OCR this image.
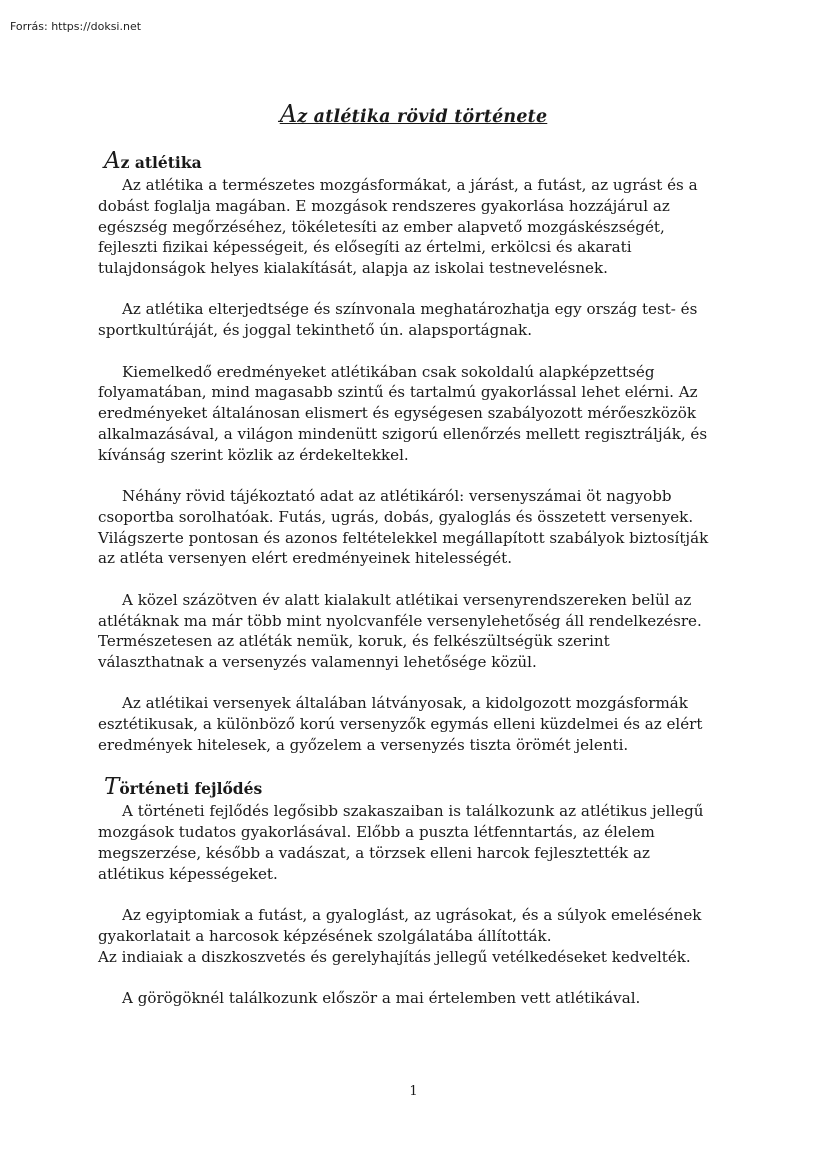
Forrás: https://doksi.net

Az atlétika rövid története
Az atlétika

Az atlétika a természetes mozgásformákat, a járást, a futást, az ugrást és a dobást foglalja magában. E mozgások rendszeres gyakorlása hozzájárul az egészség megőrzéséhez, tökéletesíti az ember alapvető mozgáskészségét, fejleszti fizikai képességeit, és elősegíti az értelmi, erkölcsi és akarati tulajdonságok helyes kialakítását, alapja az iskolai testnevelésnek.

Az atlétika elterjedtsége és színvonala meghatározhatja egy ország test- és sportkultúráját, és joggal tekinthető ún. alapsportágnak.

Kiemelkedő eredményeket atlétikában csak sokoldalú alapképzettség folyamatában, mind magasabb szintű és tartalmú gyakorlással lehet elérni. Az eredményeket általánosan elismert és egységesen szabályozott mérőeszközök alkalmazásával, a világon mindenütt szigorú ellenőrzés mellett regisztrálják, és kívánság szerint közlik az érdekeltekkel.

Néhány rövid tájékoztató adat az atlétikáról: versenyszámai öt nagyobb csoportba sorolhatóak. Futás, ugrás, dobás, gyaloglás és összetett versenyek. Világszerte pontosan és azonos feltételekkel megállapított szabályok biztosítják az atléta versenyen elért eredményeinek hitelességét.

A közel százötven év alatt kialakult atlétikai versenyrendszereken belül az atlétáknak ma már több mint nyolcvanféle versenylehetőség áll rendelkezésre. Természetesen az atléták nemük, koruk, és felkészültségük szerint választhatnak a versenyzés valamennyi lehetősége közül.

Az atlétikai versenyek általában látványosak, a kidolgozott mozgásformák esztétikusak, a különböző korú versenyzők egymás elleni küzdelmei és az elért eredmények hitelesek, a győzelem a versenyzés tiszta örömét jelenti.

Történeti fejlődés

A történeti fejlődés legősibb szakaszaiban is találkozunk az atlétikus jellegű mozgások tudatos gyakorlásával. Előbb a puszta létfenntartás, az élelem megszerzése, később a vadászat, a törzsek elleni harcok fejlesztették az atlétikus képességeket.

Az egyiptomiak a futást, a gyaloglást, az ugrásokat, és a súlyok emelésének gyakorlatait a harcosok képzésének szolgálatába állították.

Az indiaiak a diszkoszvetés és gerelyhajítás jellegű vetélkedéseket kedvelték.

A görögöknél találkozunk először a mai értelemben vett atlétikával.

1
